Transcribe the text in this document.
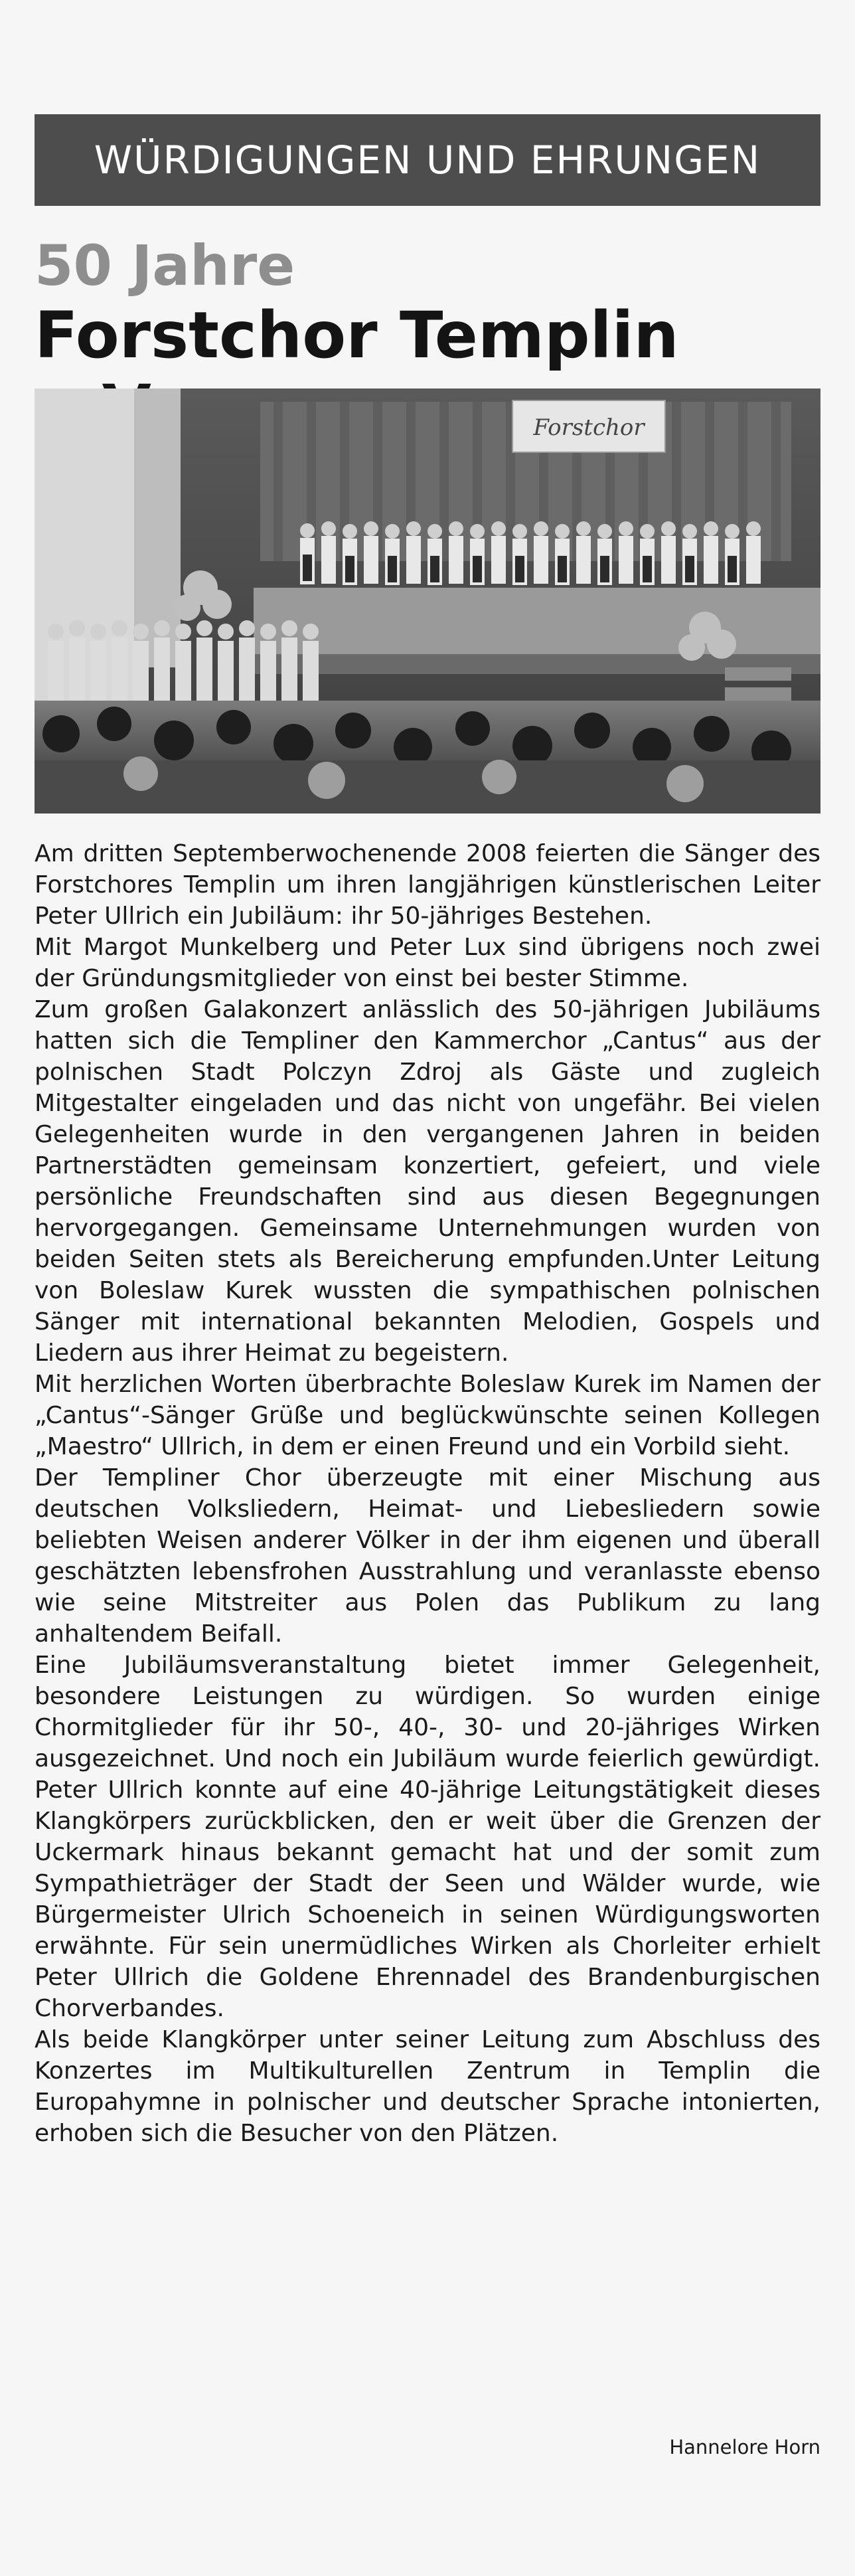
WÜRDIGUNGEN UND EHRUNGEN
50 Jahre
Forstchor Templin
Forstchor

Am dritten Septemberwochenende 2008 feierten die Sänger des Forstchores Templin um ihren langjährigen künstlerischen Leiter Peter Ullrich ein Jubiläum: ihr 50-jähriges Bestehen.

Mit Margot Munkelberg und Peter Lux sind übrigens noch zwei der Gründungsmitglieder von einst bei bester Stimme.

Zum großen Galakonzert anlässlich des 50-jährigen Jubiläums hatten sich die Templiner den Kammerchor „Cantus“ aus der polnischen Stadt Polczyn Zdroj als Gäste und zugleich Mitgestalter eingeladen und das nicht von ungefähr. Bei vielen Gelegenheiten wurde in den vergangenen Jahren in beiden Partnerstädten gemeinsam konzertiert, gefeiert, und viele persönliche Freundschaften sind aus diesen Begegnungen hervorgegangen. Gemeinsame Unternehmungen wurden von beiden Seiten stets als Bereicherung empfunden.Unter Leitung von Boleslaw Kurek wussten die sympathischen polnischen Sänger mit international bekannten Melodien, Gospels und Liedern aus ihrer Heimat zu begeistern.

Mit herzlichen Worten überbrachte Boleslaw Kurek im Namen der „Cantus“-Sänger Grüße und beglückwünschte seinen Kollegen „Maestro“ Ullrich, in dem er einen Freund und ein Vorbild sieht.

Der Templiner Chor überzeugte mit einer Mischung aus deutschen Volksliedern, Heimat- und Liebesliedern sowie beliebten Weisen anderer Völker in der ihm eigenen und überall geschätzten lebensfrohen Ausstrahlung und veranlasste ebenso wie seine Mitstreiter aus Polen das Publikum zu lang anhaltendem Beifall.

Eine Jubiläumsveranstaltung bietet immer Gelegenheit, besondere Leistungen zu würdigen. So wurden einige Chormitglieder für ihr 50-, 40-, 30- und 20-jähriges Wirken ausgezeichnet. Und noch ein Jubiläum wurde feierlich gewürdigt. Peter Ullrich konnte auf eine 40-jährige Leitungstätigkeit dieses Klangkörpers zurückblicken, den er weit über die Grenzen der Uckermark hinaus bekannt gemacht hat und der somit zum Sympathieträger der Stadt der Seen und Wälder wurde, wie Bürgermeister Ulrich Schoeneich in seinen Würdigungsworten erwähnte. Für sein unermüdliches Wirken als Chorleiter erhielt Peter Ullrich die Goldene Ehrennadel des Brandenburgischen Chorverbandes.

Als beide Klangkörper unter seiner Leitung zum Abschluss des Konzertes im Multikulturellen Zentrum in Templin die Europahymne in polnischer und deutscher Sprache intonierten, erhoben sich die Besucher von den Plätzen.

Hannelore Horn
